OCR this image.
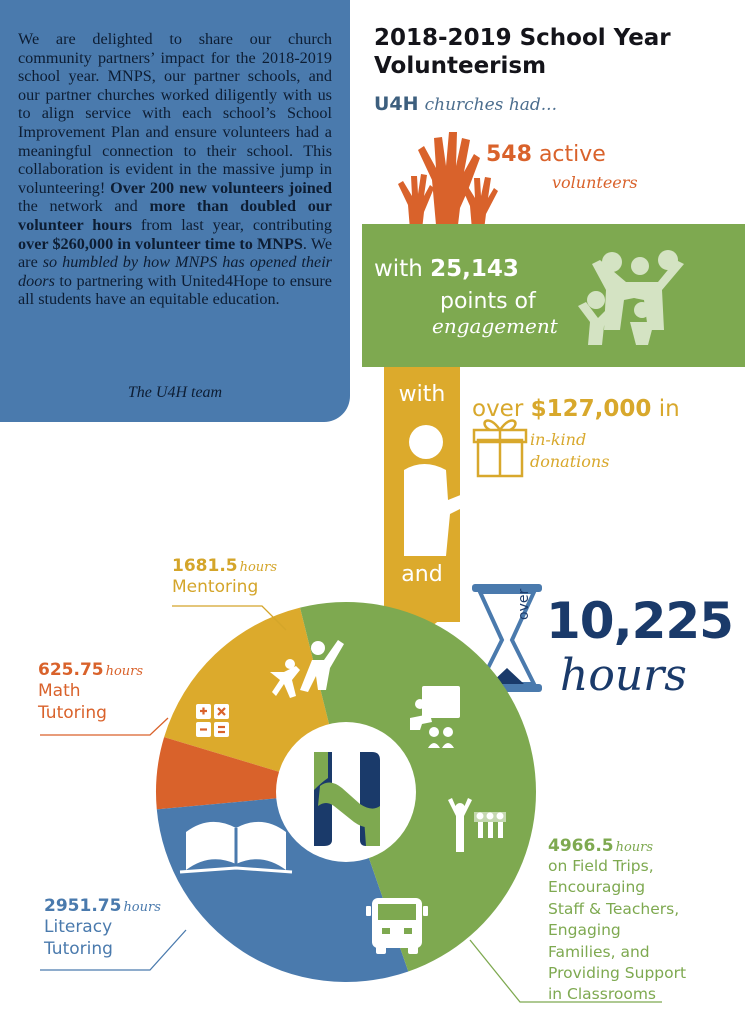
We are delighted to share our church community partners’ impact for the 2018-2019 school year. MNPS, our partner schools, and our partner churches worked diligently with us to align service with each school’s School Improvement Plan and ensure volunteers had a meaningful connection to their school. This collaboration is evident in the massive jump in volunteering! Over 200 new volunteers joined the network and more than doubled our volunteer hours from last year, contributing over $260,000 in volunteer time to MNPS. We are so humbled by how MNPS has opened their doors to partnering with United4Hope to ensure all students have an equitable education.

The U4H team
2018-2019 School Year Volunteerism
U4H churches had...
548 active
volunteers
with 25,143
points of
engagement
with
and
over $127,000 in
in-kind
donations
over 10,225
hours
1681.5 hours
Mentoring
625.75 hours
Math
Tutoring
2951.75 hours
Literacy
Tutoring
4966.5 hours
on Field Trips,
Encouraging
Staff & Teachers,
Engaging
Families, and
Providing Support
in Classrooms
